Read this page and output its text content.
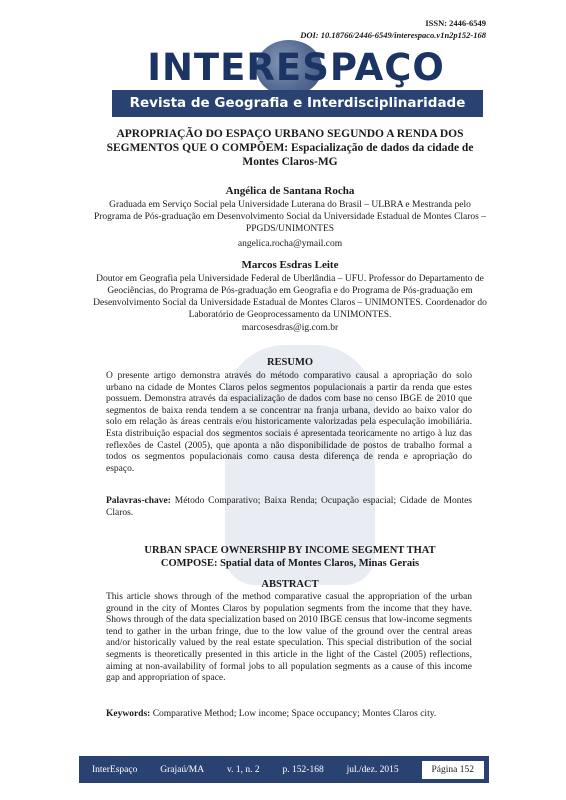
ISSN: 2446-6549
DOI: 10.18766/2446-6549/interespaco.v1n2p152-168
INTERESPAÇO
Revista de Geografia e Interdisciplinaridade
APROPRIAÇÃO DO ESPAÇO URBANO SEGUNDO A RENDA DOS SEGMENTOS QUE O COMPÕEM: Espacialização de dados da cidade de Montes Claros-MG
Angélica de Santana Rocha
Graduada em Serviço Social pela Universidade Luterana do Brasil – ULBRA e Mestranda pelo Programa de Pós-graduação em Desenvolvimento Social da Universidade Estadual de Montes Claros – PPGDS/UNIMONTES
angelica.rocha@ymail.com
Marcos Esdras Leite
Doutor em Geografia pela Universidade Federal de Uberlândia – UFU. Professor do Departamento de Geociências, do Programa de Pós-graduação em Geografia e do Programa de Pós-graduação em Desenvolvimento Social da Universidade Estadual de Montes Claros – UNIMONTES. Coordenador do Laboratório de Geoprocessamento da UNIMONTES.
marcosesdras@ig.com.br
RESUMO
O presente artigo demonstra através do método comparativo causal a apropriação do solo urbano na cidade de Montes Claros pelos segmentos populacionais a partir da renda que estes possuem. Demonstra através da espacialização de dados com base no censo IBGE de 2010 que segmentos de baixa renda tendem a se concentrar na franja urbana, devido ao baixo valor do solo em relação às áreas centrais e/ou historicamente valorizadas pela especulação imobiliária. Esta distribuição espacial dos segmentos sociais é apresentada teoricamente no artigo à luz das reflexões de Castel (2005), que aponta a não disponibilidade de postos de trabalho formal a todos os segmentos populacionais como causa desta diferença de renda e apropriação do espaço.
Palavras-chave: Método Comparativo; Baixa Renda; Ocupação espacial; Cidade de Montes Claros.
URBAN SPACE OWNERSHIP BY INCOME SEGMENT THAT
COMPOSE: Spatial data of Montes Claros, Minas Gerais
ABSTRACT
This article shows through of the method comparative casual the appropriation of the urban ground in the city of Montes Claros by population segments from the income that they have. Shows through of the data specialization based on 2010 IBGE census that low-income segments tend to gather in the urban fringe, due to the low value of the ground over the central areas and/or historically valued by the real estate speculation. This special distribution of the social segments is theoretically presented in this article in the light of the Castel (2005) reflections, aiming at non-availability of formal jobs to all population segments as a cause of this income gap and appropriation of space.
Keywords: Comparative Method; Low income; Space occupancy; Montes Claros city.
InterEspaço Grajaú/MA v. 1, n. 2 p. 152-168 jul./dez. 2015	Página 152
